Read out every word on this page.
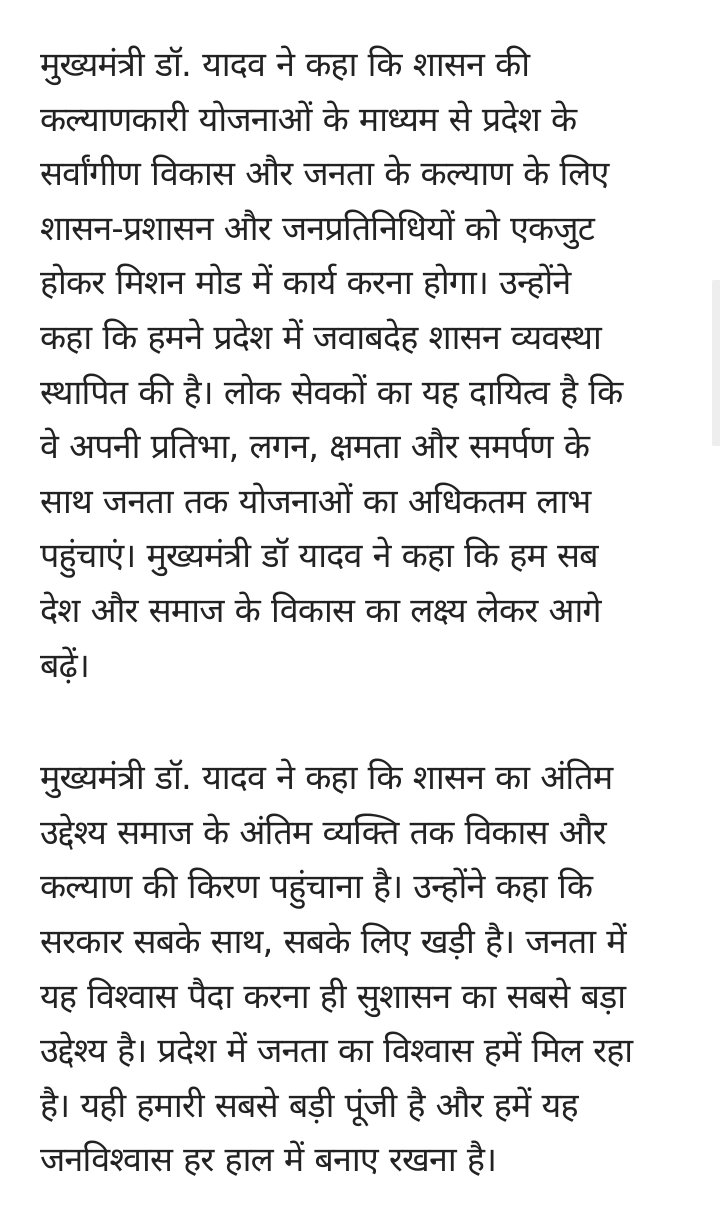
मुख्यमंत्री डॉ. यादव ने कहा कि शासन की
कल्याणकारी योजनाओं के माध्यम से प्रदेश के
सर्वांगीण विकास और जनता के कल्याण के लिए
शासन-प्रशासन और जनप्रतिनिधियों को एकजुट
होकर मिशन मोड में कार्य करना होगा। उन्होंने
कहा कि हमने प्रदेश में जवाबदेह शासन व्यवस्था
स्थापित की है। लोक सेवकों का यह दायित्व है कि
वे अपनी प्रतिभा, लगन, क्षमता और समर्पण के
साथ जनता तक योजनाओं का अधिकतम लाभ
पहुंचाएं। मुख्यमंत्री डॉ यादव ने कहा कि हम सब
देश और समाज के विकास का लक्ष्य लेकर आगे
बढ़ें।

मुख्यमंत्री डॉ. यादव ने कहा कि शासन का अंतिम
उद्देश्य समाज के अंतिम व्यक्ति तक विकास और
कल्याण की किरण पहुंचाना है। उन्होंने कहा कि
सरकार सबके साथ, सबके लिए खड़ी है। जनता में
यह विश्वास पैदा करना ही सुशासन का सबसे बड़ा
उद्देश्य है। प्रदेश में जनता का विश्वास हमें मिल रहा
है। यही हमारी सबसे बड़ी पूंजी है और हमें यह
जनविश्वास हर हाल में बनाए रखना है।
